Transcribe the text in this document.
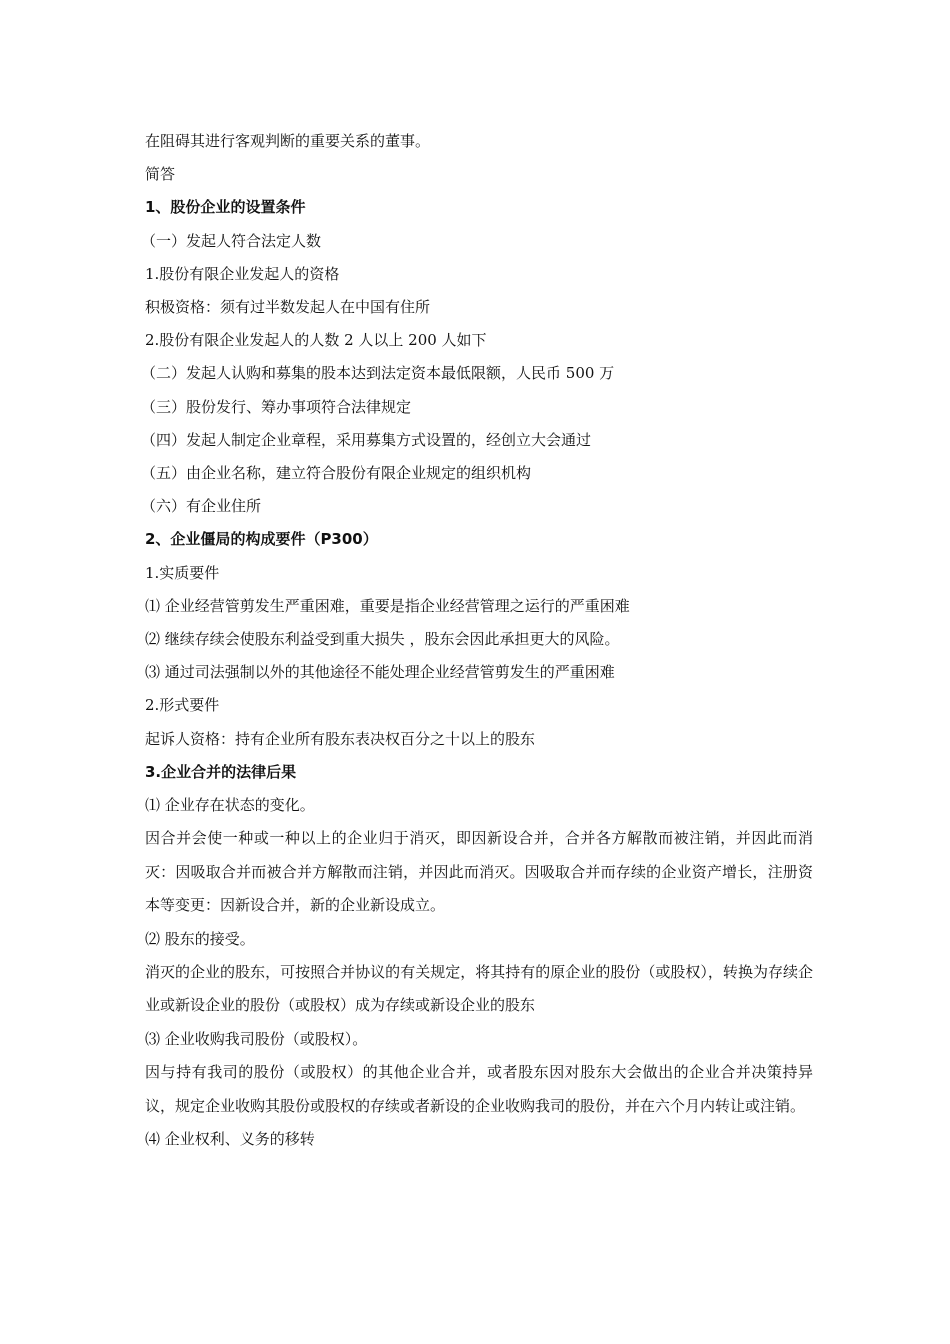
在阻碍其进行客观判断的重要关系的董事。
简答
1、股份企业的设置条件
（一）发起人符合法定人数
1.股份有限企业发起人的资格
积极资格：须有过半数发起人在中国有住所
2.股份有限企业发起人的人数 2 人以上 200 人如下
（二）发起人认购和募集的股本达到法定资本最低限额，人民币 500 万
（三）股份发行、筹办事项符合法律规定
（四）发起人制定企业章程，采用募集方式设置的，经创立大会通过
（五）由企业名称，建立符合股份有限企业规定的组织机构
（六）有企业住所
2、企业僵局的构成要件（P300）
1.实质要件
⑴ 企业经营管剪发生严重困难，重要是指企业经营管理之运行的严重困难
⑵ 继续存续会使股东利益受到重大损失 ，股东会因此承担更大的风险。
⑶ 通过司法强制以外的其他途径不能处理企业经营管剪发生的严重困难
2.形式要件
起诉人资格：持有企业所有股东表决权百分之十以上的股东
3.企业合并的法律后果
⑴ 企业存在状态的变化。
因合并会使一种或一种以上的企业归于消灭，即因新设合并，合并各方解散而被注销，并因此而消灭：因吸取合并而被合并方解散而注销，并因此而消灭。因吸取合并而存续的企业资产增长，注册资本等变更：因新设合并，新的企业新设成立。
⑵ 股东的接受。
消灭的企业的股东，可按照合并协议的有关规定，将其持有的原企业的股份（或股权），转换为存续企业或新设企业的股份（或股权）成为存续或新设企业的股东
⑶ 企业收购我司股份（或股权）。
因与持有我司的股份（或股权）的其他企业合并，或者股东因对股东大会做出的企业合并决策持异议，规定企业收购其股份或股权的存续或者新设的企业收购我司的股份，并在六个月内转让或注销。
⑷ 企业权利、义务的移转
